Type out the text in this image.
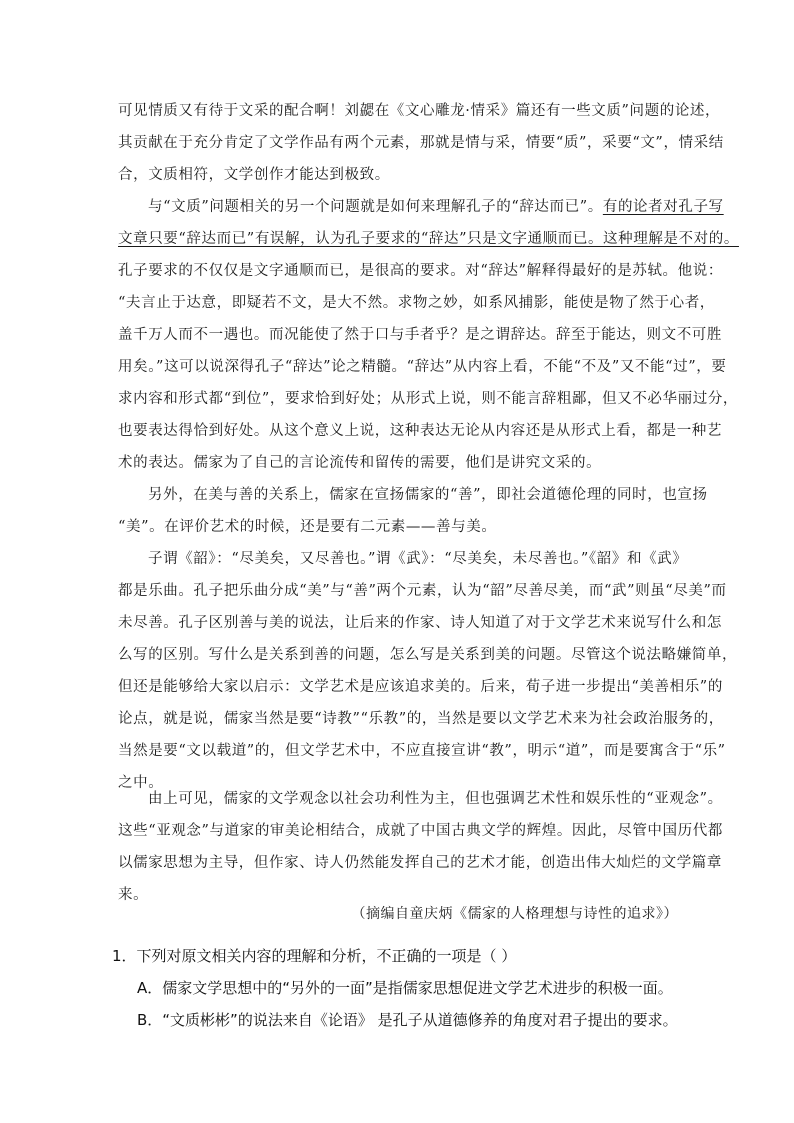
可见情质又有待于文采的配合啊！刘勰在《文心雕龙·情采》篇还有一些文质”问题的论述，
其贡献在于充分肯定了文学作品有两个元素，那就是情与采，情要“质”，采要“文”，情采结
合，文质相符，文学创作才能达到极致。
与“文质”问题相关的另一个问题就是如何来理解孔子的“辞达而已”。有的论者对孔子写
文章只要“辞达而已”有误解，认为孔子要求的“辞达”只是文字通顺而已。这种理解是不对的。
孔子要求的不仅仅是文字通顺而已，是很高的要求。对“辞达”解释得最好的是苏轼。他说：
“夫言止于达意，即疑若不文，是大不然。求物之妙，如系风捕影，能使是物了然于心者，
盖千万人而不一遇也。而况能使了然于口与手者乎？是之谓辞达。辞至于能达，则文不可胜
用矣。”这可以说深得孔子“辞达”论之精髓。“辞达”从内容上看，不能“不及”又不能“过”，要
求内容和形式都“到位”，要求恰到好处；从形式上说，则不能言辞粗鄙，但又不必华丽过分，
也要表达得恰到好处。从这个意义上说，这种表达无论从内容还是从形式上看，都是一种艺
术的表达。儒家为了自己的言论流传和留传的需要，他们是讲究文采的。
另外，在美与善的关系上，儒家在宣扬儒家的“善”，即社会道德伦理的同时，也宣扬
“美”。在评价艺术的时候，还是要有二元素——善与美。
子谓《韶》：“尽美矣，又尽善也。”谓《武》：“尽美矣，未尽善也。”《韶》和《武》
都是乐曲。孔子把乐曲分成“美”与“善”两个元素，认为“韶”尽善尽美，而“武”则虽“尽美”而
未尽善。孔子区别善与美的说法，让后来的作家、诗人知道了对于文学艺术来说写什么和怎
么写的区别。写什么是关系到善的问题，怎么写是关系到美的问题。尽管这个说法略嫌简单，
但还是能够给大家以启示：文学艺术是应该追求美的。后来，荀子进一步提出“美善相乐”的
论点，就是说，儒家当然是要“诗教”“乐教”的，当然是要以文学艺术来为社会政治服务的，
当然是要“文以载道”的，但文学艺术中，不应直接宣讲“教”，明示“道”，而是要寓含于“乐”
之中。
由上可见，儒家的文学观念以社会功利性为主，但也强调艺术性和娱乐性的“亚观念”。
这些“亚观念”与道家的审美论相结合，成就了中国古典文学的辉煌。因此，尽管中国历代都
以儒家思想为主导，但作家、诗人仍然能发挥自己的艺术才能，创造出伟大灿烂的文学篇章
来。
（摘编自童庆炳《儒家的人格理想与诗性的追求》）
1．下列对原文相关内容的理解和分析，不正确的一项是（ ）
A．儒家文学思想中的“另外的一面”是指儒家思想促进文学艺术进步的积极一面。
B．“文质彬彬”的说法来自《论语》 是孔子从道德修养的角度对君子提出的要求。
